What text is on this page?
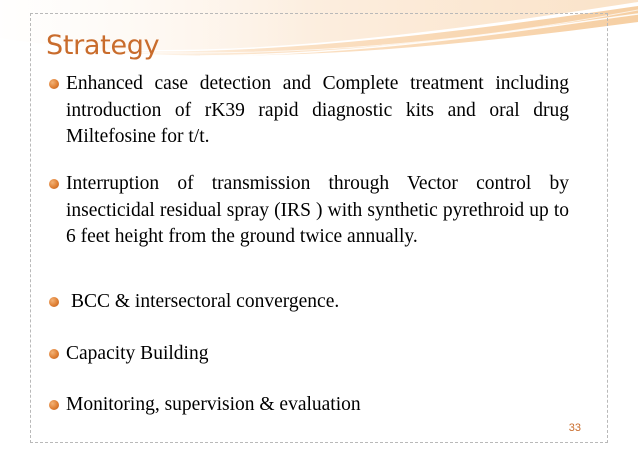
Strategy
Enhanced case detection and Complete treatment including introduction of rK39 rapid diagnostic kits and oral drug Miltefosine for t/t.
Interruption of transmission through Vector control by insecticidal residual spray (IRS ) with synthetic pyrethroid up to 6 feet height from the ground twice annually.
BCC & intersectoral convergence.
Capacity Building
Monitoring, supervision & evaluation
33
